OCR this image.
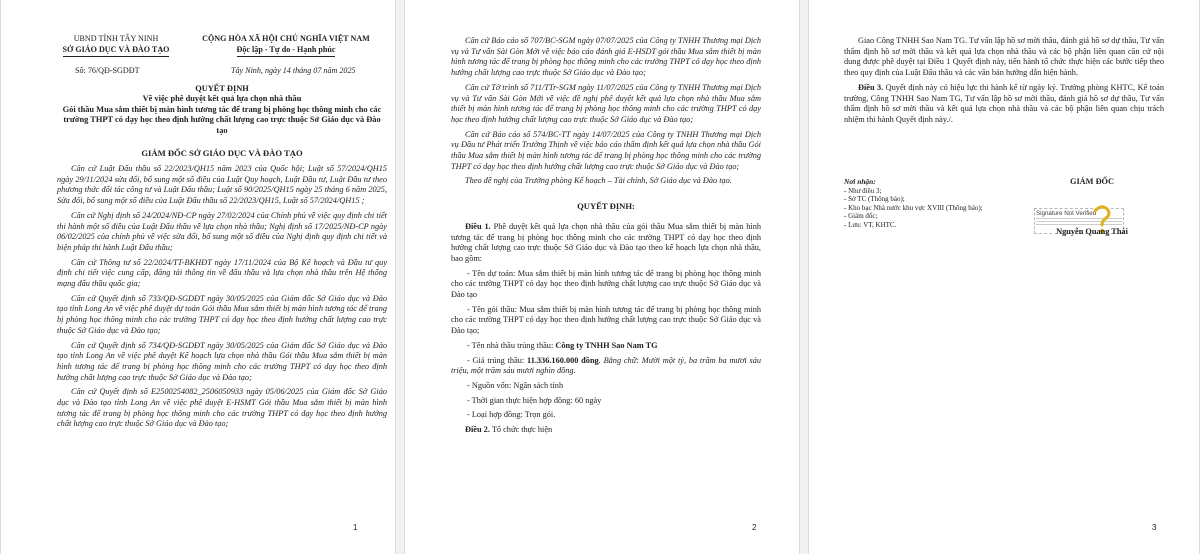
UBND TỈNH TÂY NINH
SỞ GIÁO DỤC VÀ ĐÀO TẠO
CỘNG HÒA XÃ HỘI CHỦ NGHĨA VIỆT NAM
Độc lập - Tự do - Hạnh phúc
Số: 76/QĐ-SGDĐT	Tây Ninh, ngày 14 tháng 07 năm 2025
QUYẾT ĐỊNH
Về việc phê duyệt kết quả lựa chọn nhà thầu
Gói thầu Mua sắm thiết bị màn hình tương tác để trang bị phòng học thông minh cho các trường THPT có dạy học theo định hướng chất lượng cao trực thuộc Sở Giáo dục và Đào tạo
GIÁM ĐỐC SỞ GIÁO DỤC VÀ ĐÀO TẠO

Căn cứ Luật Đấu thầu số 22/2023/QH15 năm 2023 của Quốc hội; Luật số 57/2024/QH15 ngày 29/11/2024 sửa đổi, bổ sung một số điều của Luật Quy hoạch, Luật Đầu tư, Luật Đầu tư theo phương thức đối tác công tư và Luật Đấu thầu; Luật số 90/2025/QH15 ngày 25 tháng 6 năm 2025, Sửa đổi, bổ sung một số điều của Luật Đấu thầu số 22/2023/QH15, Luật số 57/2024/QH15 ;

Căn cứ Nghị định số 24/2024/NĐ-CP ngày 27/02/2024 của Chính phủ về việc quy định chi tiết thi hành một số điều của Luật Đấu thầu về lựa chọn nhà thầu; Nghị định số 17/2025/NĐ-CP ngày 06/02/2025 của chính phủ về việc sửa đổi, bổ sung một số điều của Nghị định quy định chi tiết và biện pháp thi hành Luật Đấu thầu;

Căn cứ Thông tư số 22/2024/TT-BKHĐT ngày 17/11/2024 của Bộ Kế hoạch và Đầu tư quy định chi tiết việc cung cấp, đăng tải thông tin về đấu thầu và lựa chọn nhà thầu trên Hệ thống mạng đấu thầu quốc gia;

Căn cứ Quyết định số 733/QĐ-SGDĐT ngày 30/05/2025 của Giám đốc Sở Giáo dục và Đào tạo tỉnh Long An về việc phê duyệt dự toán Gói thầu Mua sắm thiết bị màn hình tương tác để trang bị phòng học thông minh cho các trường THPT có dạy học theo định hướng chất lượng cao trực thuộc Sở Giáo dục và Đào tạo;

Căn cứ Quyết định số 734/QĐ-SGDĐT ngày 30/05/2025 của Giám đốc Sở Giáo dục và Đào tạo tỉnh Long An về việc phê duyệt Kế hoạch lựa chọn nhà thầu Gói thầu Mua sắm thiết bị màn hình tương tác để trang bị phòng học thông minh cho các trường THPT có dạy học theo định hướng chất lượng cao trực thuộc Sở Giáo dục và Đào tạo;

Căn cứ Quyết định số E2500254082_2506050933 ngày 05/06/2025 của Giám đốc Sở Giáo dục và Đào tạo tỉnh Long An về việc phê duyệt E-HSMT Gói thầu Mua sắm thiết bị màn hình tương tác để trang bị phòng học thông minh cho các trường THPT có dạy học theo định hướng chất lượng cao trực thuộc Sở Giáo dục và Đào tạo;

1

Căn cứ Báo cáo số 707/BC-SGM ngày 07/07/2025 của Công ty TNHH Thương mại Dịch vụ và Tư vấn Sài Gòn Mới về việc báo cáo đánh giá E-HSDT gói thầu Mua sắm thiết bị màn hình tương tác để trang bị phòng học thông minh cho các trường THPT có dạy học theo định hướng chất lượng cao trực thuộc Sở Giáo dục và Đào tạo;

Căn cứ Tờ trình số 711/TTr-SGM ngày 11/07/2025 của Công ty TNHH Thương mại Dịch vụ và Tư vấn Sài Gòn Mới về việc đề nghị phê duyệt kết quả lựa chọn nhà thầu Mua sắm thiết bị màn hình tương tác để trang bị phòng học thông minh cho các trường THPT có dạy học theo định hướng chất lượng cao trực thuộc Sở Giáo dục và Đào tạo;

Căn cứ Báo cáo số 574/BC-TT ngày 14/07/2025 của Công ty TNHH Thương mại Dịch vụ Đầu tư Phát triển Trường Thịnh về việc báo cáo thẩm định kết quả lựa chọn nhà thầu Gói thầu Mua sắm thiết bị màn hình tương tác để trang bị phòng học thông minh cho các trường THPT có dạy học theo định hướng chất lượng cao trực thuộc Sở Giáo dục và Đào tạo;

Theo đề nghị của Trưởng phòng Kế hoạch – Tài chính, Sở Giáo dục và Đào tạo.

QUYẾT ĐỊNH:

Điều 1. Phê duyệt kết quả lựa chọn nhà thầu của gói thầu Mua sắm thiết bị màn hình tương tác để trang bị phòng học thông minh cho các trường THPT có dạy học theo định hướng chất lượng cao trực thuộc Sở Giáo dục và Đào tạo theo kế hoạch lựa chọn nhà thầu, bao gồm:

- Tên dự toán: Mua sắm thiết bị màn hình tương tác để trang bị phòng học thông minh cho các trường THPT có dạy học theo định hướng chất lượng cao trực thuộc Sở Giáo dục và Đào tạo

- Tên gói thầu: Mua sắm thiết bị màn hình tương tác để trang bị phòng học thông minh cho các trường THPT có dạy học theo định hướng chất lượng cao trực thuộc Sở Giáo dục và Đào tạo;

- Tên nhà thầu trúng thầu: Công ty TNHH Sao Nam TG

- Giá trúng thầu: 11.336.160.000 đồng. Bằng chữ: Mười một tỷ, ba trăm ba mươi sáu triệu, một trăm sáu mươi nghìn đồng.

- Nguồn vốn: Ngân sách tỉnh

- Thời gian thực hiện hợp đồng: 60 ngày

- Loại hợp đồng: Trọn gói.

Điều 2. Tổ chức thực hiện

2

Giao Công TNHH Sao Nam TG. Tư vấn lập hồ sơ mời thầu, đánh giá hồ sơ dự thầu, Tư vấn thẩm định hồ sơ mời thầu và kết quả lựa chọn nhà thầu và các bộ phận liên quan căn cứ nội dung được phê duyệt tại Điều 1 Quyết định này, tiến hành tổ chức thực hiện các bước tiếp theo theo quy định của Luật Đấu thầu và các văn bản hướng dẫn hiện hành.

Điều 3. Quyết định này có hiệu lực thi hành kể từ ngày ký. Trưởng phòng KHTC, Kế toán trường, Công TNHH Sao Nam TG, Tư vấn lập hồ sơ mời thầu, đánh giá hồ sơ dự thầu, Tư vấn thẩm định hồ sơ mời thầu và kết quả lựa chọn nhà thầu và các bộ phận liên quan chịu trách nhiệm thi hành Quyết định này./.

Nơi nhận:
- Như điều 3;
- Sở TC (Thông báo);
- Kho bạc Nhà nước khu vực XVIII (Thông báo);
- Giám đốc;
- Lưu: VT, KHTC.
GIÁM ĐỐC
Signature Not Verified
Nguyễn Quang Thái
3
